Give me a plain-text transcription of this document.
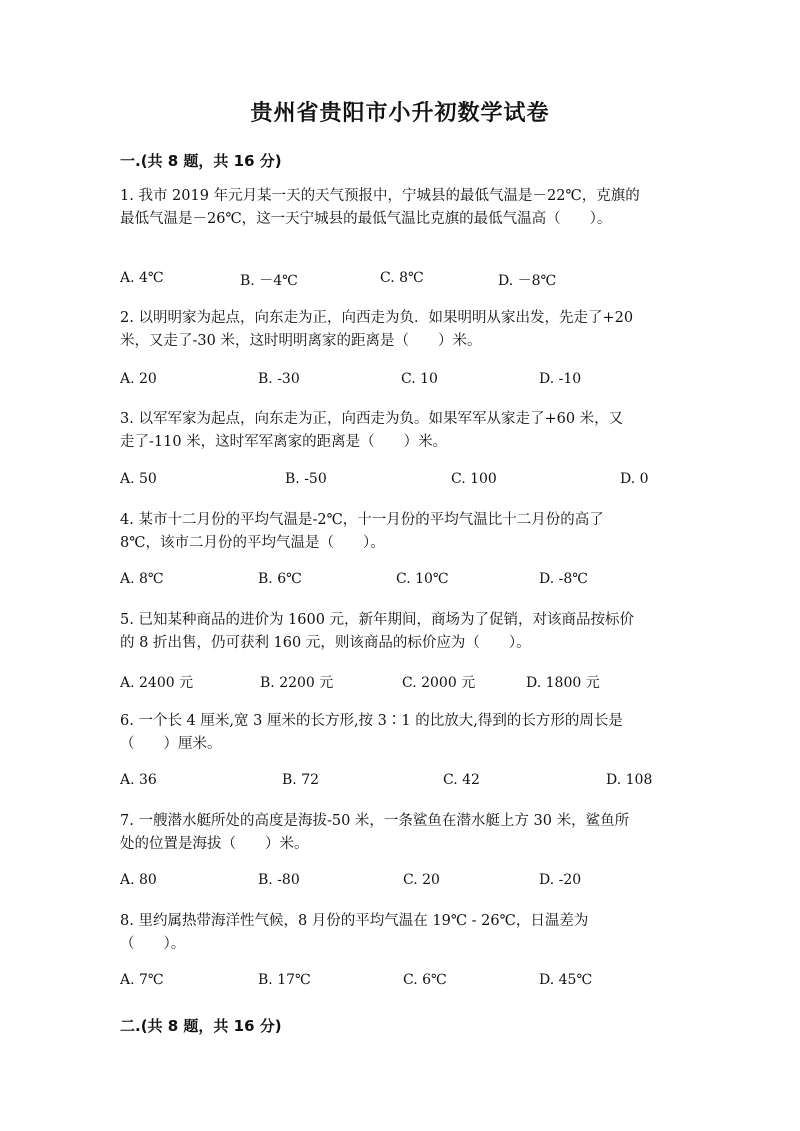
贵州省贵阳市小升初数学试卷
一.(共 8 题，共 16 分)
1. 我市 2019 年元月某一天的天气预报中，宁城县的最低气温是－22℃，克旗的
最低气温是－26℃，这一天宁城县的最低气温比克旗的最低气温高（　　）。
A. 4℃	B. －4℃	C. 8℃	D. －8℃
2. 以明明家为起点，向东走为正，向西走为负．如果明明从家出发，先走了+20
米，又走了-30 米，这时明明离家的距离是（　　）米。
A. 20	B. -30	C. 10	D. -10
3. 以军军家为起点，向东走为正，向西走为负。如果军军从家走了+60 米，又
走了-110 米，这时军军离家的距离是（　　）米。
A. 50	B. -50	C. 100	D. 0
4. 某市十二月份的平均气温是-2℃，十一月份的平均气温比十二月份的高了
8℃，该市二月份的平均气温是（　　）。
A. 8℃	B. 6℃	C. 10℃	D. -8℃
5. 已知某种商品的进价为 1600 元，新年期间，商场为了促销，对该商品按标价
的 8 折出售，仍可获利 160 元，则该商品的标价应为（　　）。
A. 2400 元	B. 2200 元	C. 2000 元	D. 1800 元
6. 一个长 4 厘米,宽 3 厘米的长方形,按 3∶1 的比放大,得到的长方形的周长是
（　　）厘米。
A. 36	B. 72	C. 42	D. 108
7. 一艘潜水艇所处的高度是海拔-50 米，一条鲨鱼在潜水艇上方 30 米，鲨鱼所
处的位置是海拔（　　）米。
A. 80	B. -80	C. 20	D. -20
8. 里约属热带海洋性气候，8 月份的平均气温在 19℃ - 26℃，日温差为
（　　）。
A. 7℃	B. 17℃	C. 6℃	D. 45℃
二.(共 8 题，共 16 分)
